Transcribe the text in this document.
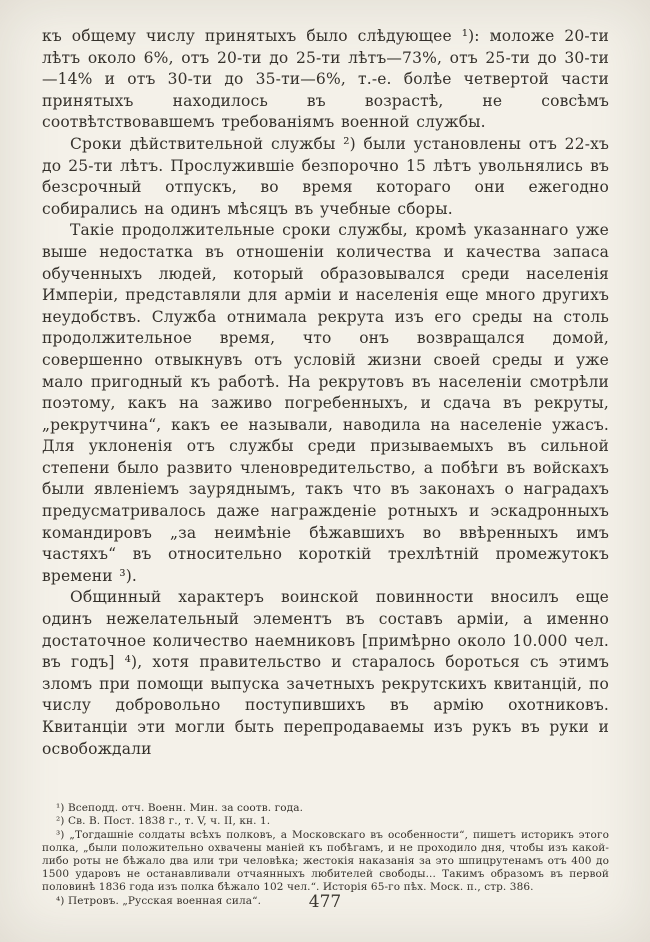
къ общему числу принятыхъ было слѣдующее ¹): моложе 20-ти лѣтъ около 6%, отъ 20-ти до 25-ти лѣтъ—73%, отъ 25-ти до 30-ти—14% и отъ 30-ти до 35-ти—6%, т.-е. болѣе четвертой части принятыхъ находилось въ возрастѣ, не совсѣмъ соотвѣтствовавшемъ требованіямъ военной службы.

Сроки дѣйствительной службы ²) были установлены отъ 22-хъ до 25-ти лѣтъ. Прослужившіе безпорочно 15 лѣтъ увольнялись въ безсрочный отпускъ, во время котораго они ежегодно собирались на одинъ мѣсяцъ въ учебные сборы.

Такіе продолжительные сроки службы, кромѣ указаннаго уже выше недостатка въ отношеніи количества и качества запаса обученныхъ людей, который образовывался среди населенія Имперіи, представляли для арміи и населенія еще много другихъ неудобствъ. Служба отнимала рекрута изъ его среды на столь продолжительное время, что онъ возвращался домой, совершенно отвыкнувъ отъ условій жизни своей среды и уже мало пригодный къ работѣ. На рекрутовъ въ населеніи смотрѣли поэтому, какъ на заживо погребенныхъ, и сдача въ рекруты, „рекрутчина“, какъ ее называли, наводила на населеніе ужасъ. Для уклоненія отъ службы среди призываемыхъ въ сильной степени было развито членовредительство, а побѣги въ войскахъ были явленіемъ зауряднымъ, такъ что въ законахъ о наградахъ предусматривалось даже награжденіе ротныхъ и эскадронныхъ командировъ „за неимѣніе бѣжавшихъ во ввѣренныхъ имъ частяхъ“ въ относительно короткій трехлѣтній промежутокъ времени ³).

Общинный характеръ воинской повинности вносилъ еще одинъ нежелательный элементъ въ составъ арміи, а именно достаточное количество наемниковъ [примѣрно около 10.000 чел. въ годъ] ⁴), хотя правительство и старалось бороться съ этимъ зломъ при помощи выпуска зачетныхъ рекрутскихъ квитанцій, по числу добровольно поступившихъ въ армію охотниковъ. Квитанціи эти могли быть перепродаваемы изъ рукъ въ руки и освобождали

¹) Всеподд. отч. Военн. Мин. за соотв. года.

²) Св. В. Пост. 1838 г., т. V, ч. II, кн. 1.

³) „Тогдашніе солдаты всѣхъ полковъ, а Московскаго въ особенности“, пишетъ историкъ этого полка, „были положительно охвачены маніей къ побѣгамъ, и не проходило дня, чтобы изъ какой-либо роты не бѣжало два или три человѣка; жестокія наказанія за это шпицрутенамъ отъ 400 до 1500 ударовъ не останавливали отчаянныхъ любителей свободы... Такимъ образомъ въ первой половинѣ 1836 года изъ полка бѣжало 102 чел.“. Исторія 65-го пѣх. Моск. п., стр. 386.

⁴) Петровъ. „Русская военная сила“.	477
